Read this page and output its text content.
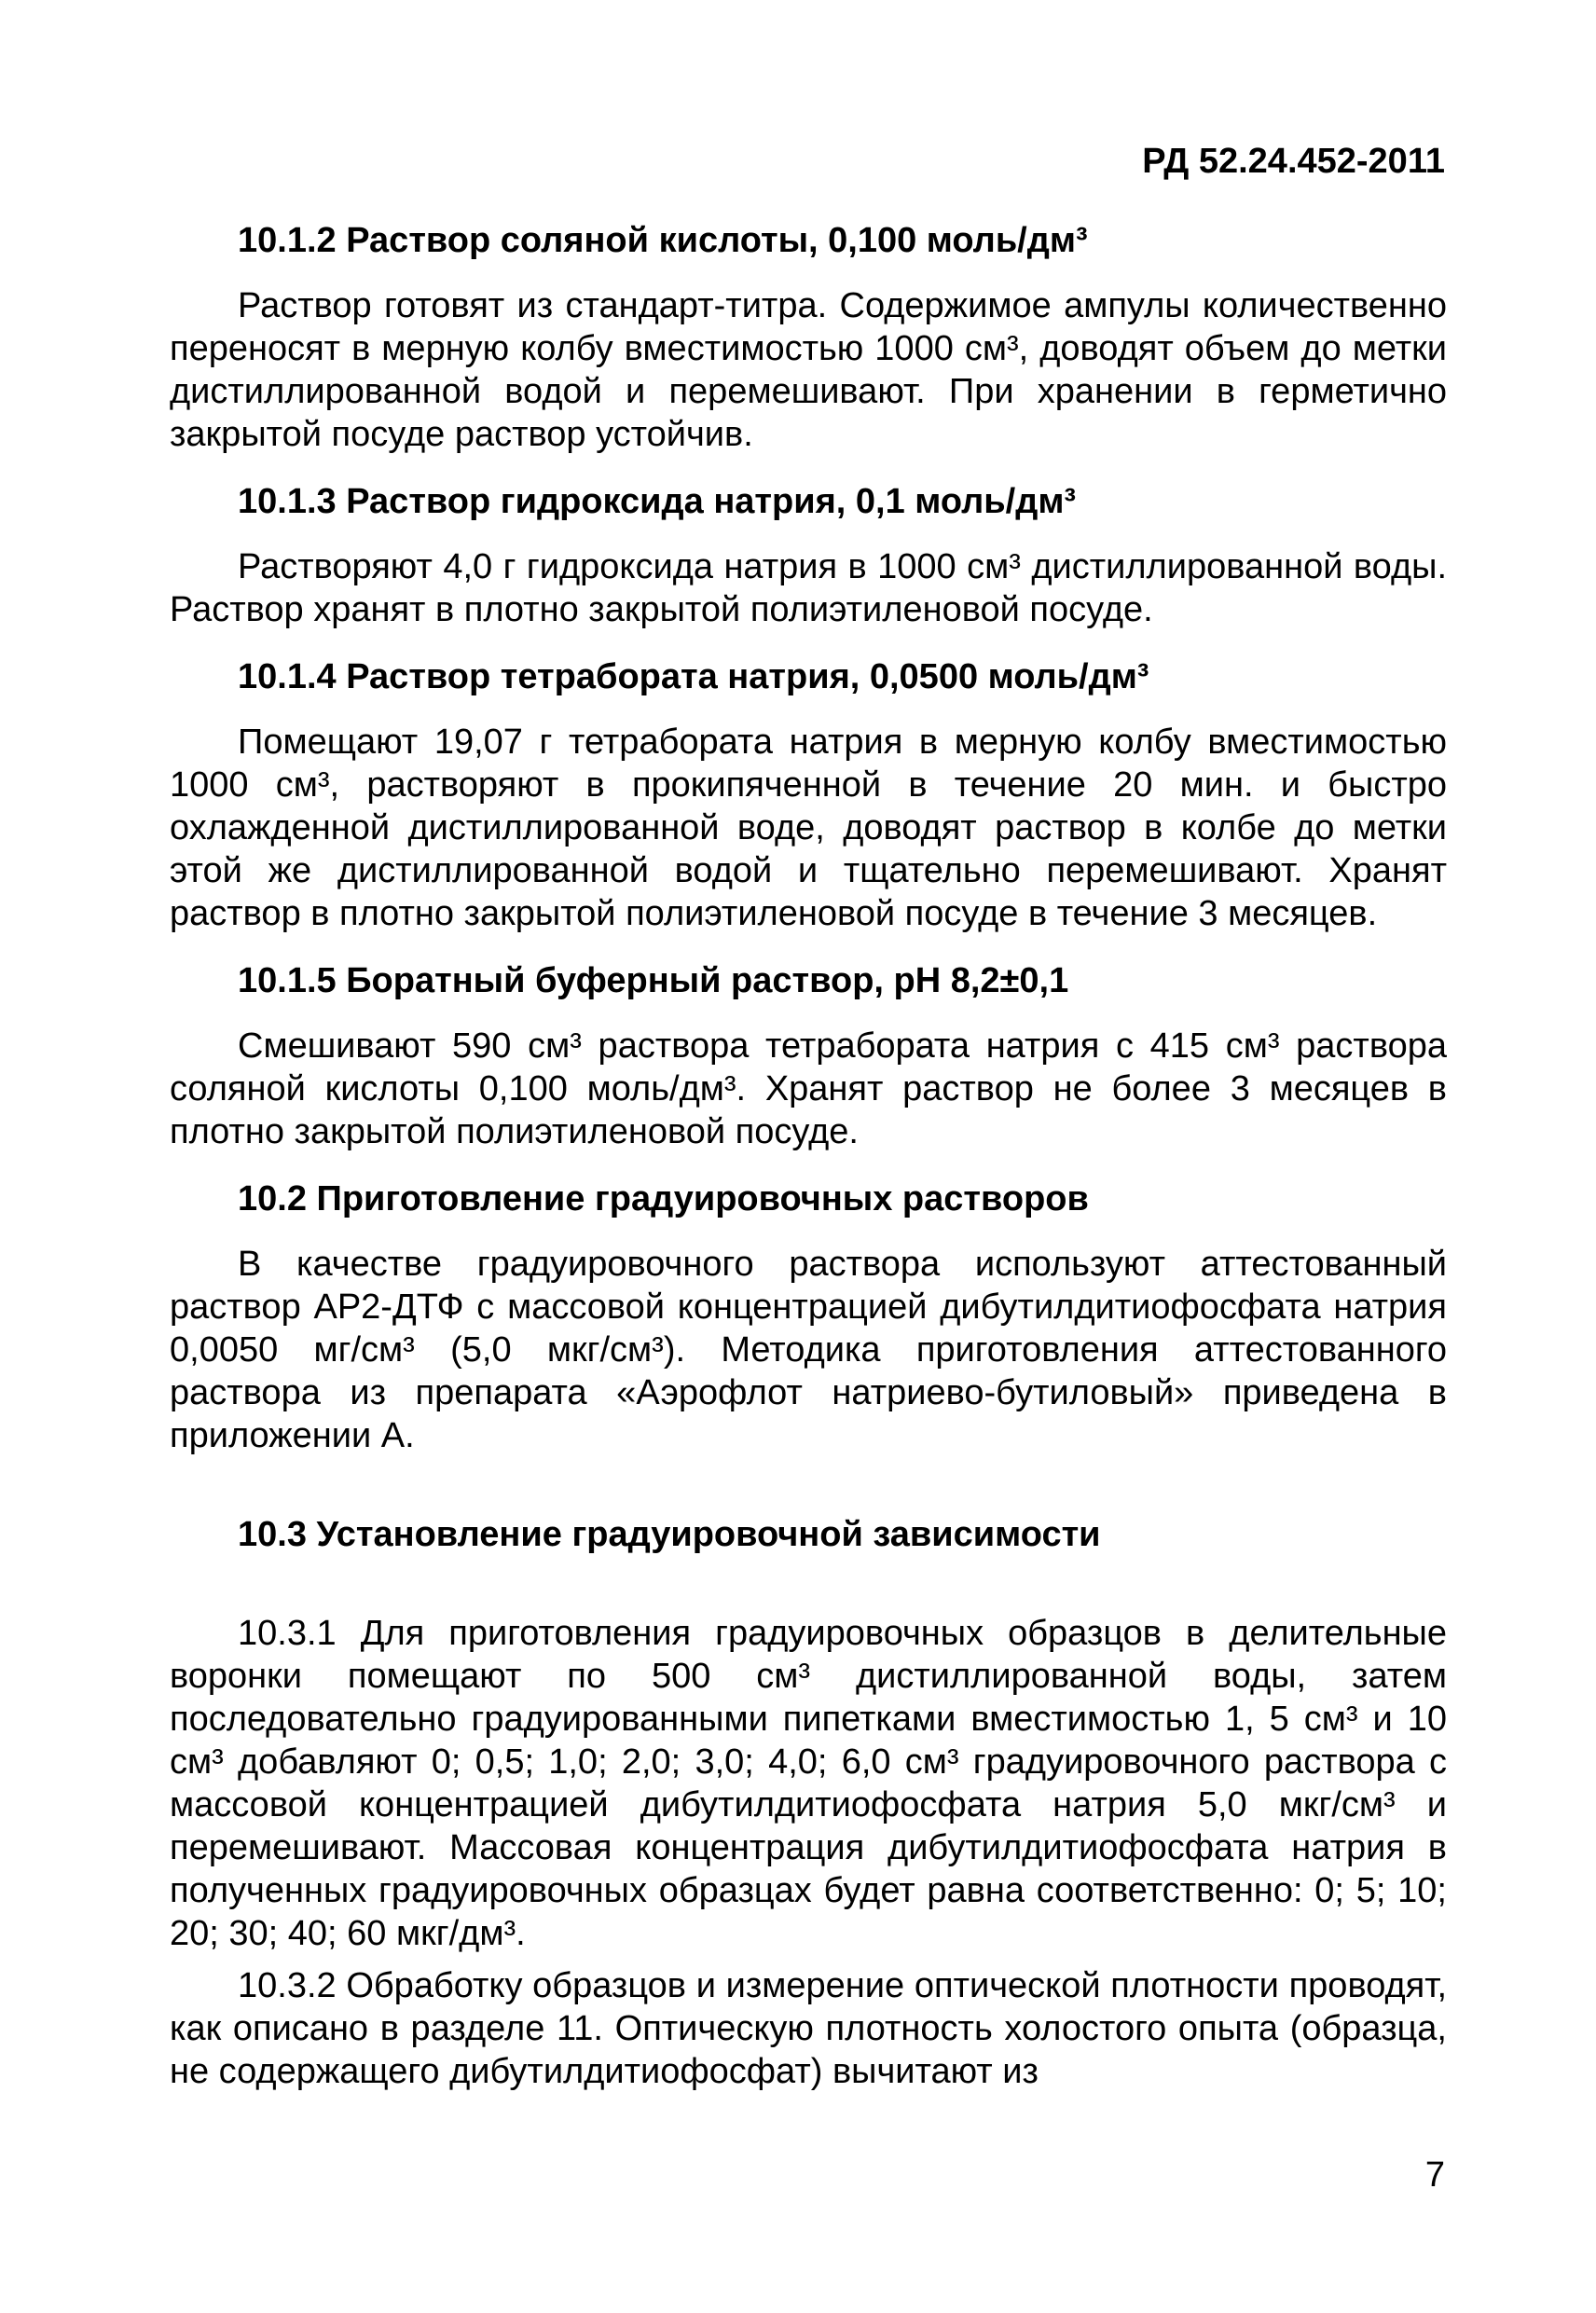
РД 52.24.452-2011
10.1.2 Раствор соляной кислоты, 0,100 моль/дм³

Раствор готовят из стандарт-титра. Содержимое ампулы количественно переносят в мерную колбу вместимостью 1000 см³, доводят объем до метки дистиллированной водой и перемешивают. При хранении в герметично закрытой посуде раствор устойчив.

10.1.3 Раствор гидроксида натрия, 0,1 моль/дм³

Растворяют 4,0 г гидроксида натрия в 1000 см³ дистиллированной воды. Раствор хранят в плотно закрытой полиэтиленовой посуде.

10.1.4 Раствор тетрабората натрия, 0,0500 моль/дм³

Помещают 19,07 г тетрабората натрия в мерную колбу вместимостью 1000 см³, растворяют в прокипяченной в течение 20 мин. и быстро охлажденной дистиллированной воде, доводят раствор в колбе до метки этой же дистиллированной водой и тщательно перемешивают. Хранят раствор в плотно закрытой полиэтиленовой посуде в течение 3 месяцев.

10.1.5 Боратный буферный раствор, рН 8,2±0,1

Смешивают 590 см³ раствора тетрабората натрия с 415 см³ раствора соляной кислоты 0,100 моль/дм³. Хранят раствор не более 3 месяцев в плотно закрытой полиэтиленовой посуде.

10.2 Приготовление градуировочных растворов

В качестве градуировочного раствора используют аттестованный раствор АР2-ДТФ с массовой концентрацией дибутилдитиофосфата натрия 0,0050 мг/см³ (5,0 мкг/см³). Методика приготовления аттестованного раствора из препарата «Аэрофлот натриево-бутиловый» приведена в приложении А.

10.3 Установление градуировочной зависимости

10.3.1 Для приготовления градуировочных образцов в делительные воронки помещают по 500 см³ дистиллированной воды, затем последовательно градуированными пипетками вместимостью 1, 5 см³ и 10 см³ добавляют 0; 0,5; 1,0; 2,0; 3,0; 4,0; 6,0 см³ градуировочного раствора с массовой концентрацией дибутилдитиофосфата натрия 5,0 мкг/см³ и перемешивают. Массовая концентрация дибутилдитиофосфата натрия в полученных градуировочных образцах будет равна соответственно: 0; 5; 10; 20; 30; 40; 60 мкг/дм³.

10.3.2 Обработку образцов и измерение оптической плотности проводят, как описано в разделе 11. Оптическую плотность холостого опыта (образца, не содержащего дибутилдитиофосфат) вычитают из

7
